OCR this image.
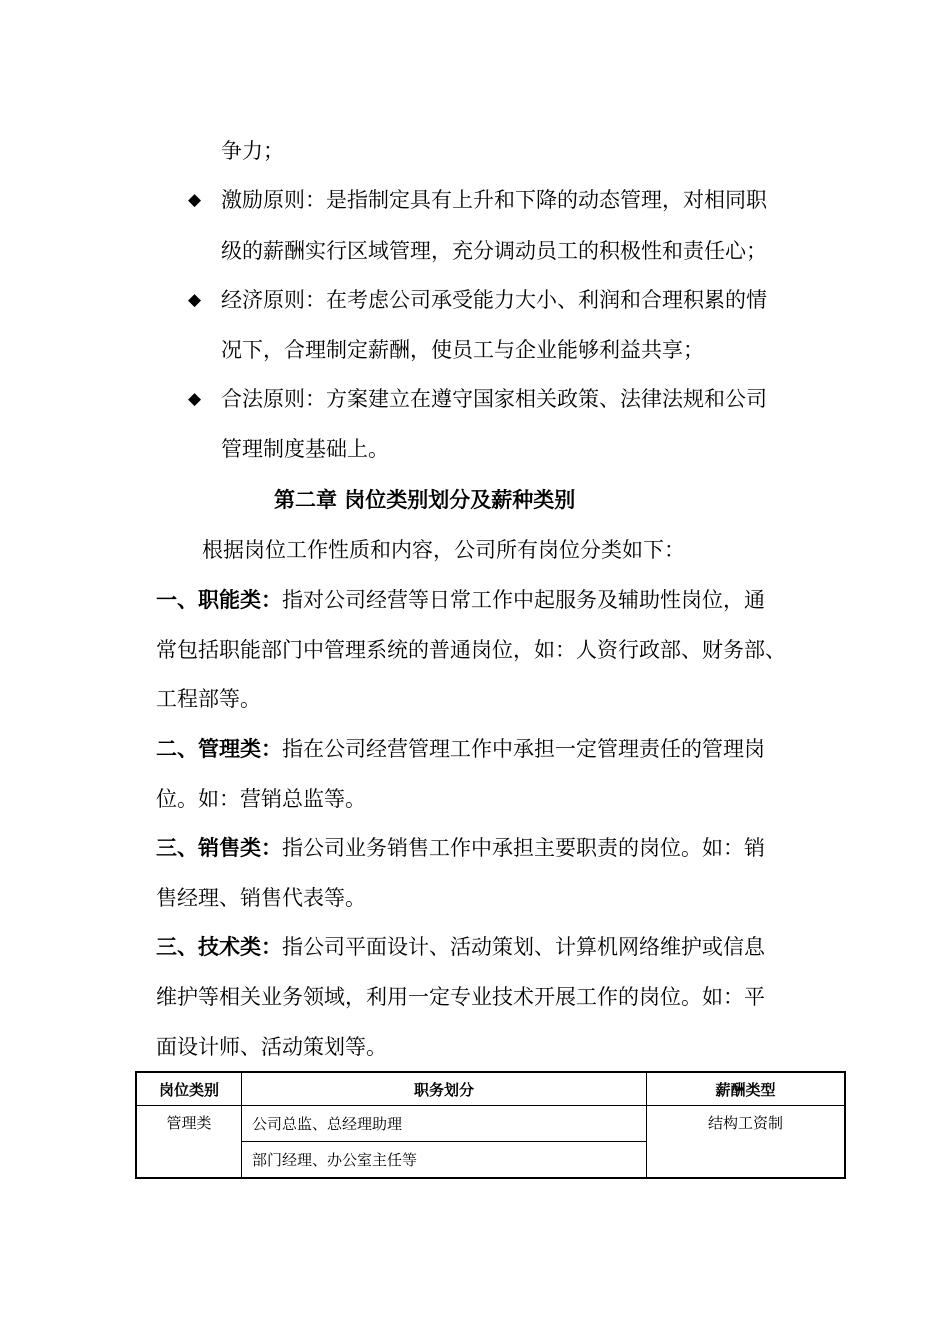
争力；
◆ 激励原则：是指制定具有上升和下降的动态管理，对相同职
级的薪酬实行区域管理，充分调动员工的积极性和责任心；
◆ 经济原则：在考虑公司承受能力大小、利润和合理积累的情
况下，合理制定薪酬，使员工与企业能够利益共享；
◆ 合法原则：方案建立在遵守国家相关政策、法律法规和公司
管理制度基础上。
第二章 岗位类别划分及薪种类别
根据岗位工作性质和内容，公司所有岗位分类如下：
一、职能类：指对公司经营等日常工作中起服务及辅助性岗位，通
常包括职能部门中管理系统的普通岗位，如：人资行政部、财务部、
工程部等。
二、管理类：指在公司经营管理工作中承担一定管理责任的管理岗
位。如：营销总监等。
三、销售类：指公司业务销售工作中承担主要职责的岗位。如：销
售经理、销售代表等。
三、技术类：指公司平面设计、活动策划、计算机网络维护或信息
维护等相关业务领域，利用一定专业技术开展工作的岗位。如：平
面设计师、活动策划等。
岗位类别	职务划分	薪酬类型
管理类	公司总监、总经理助理	结构工资制
	部门经理、办公室主任等	
